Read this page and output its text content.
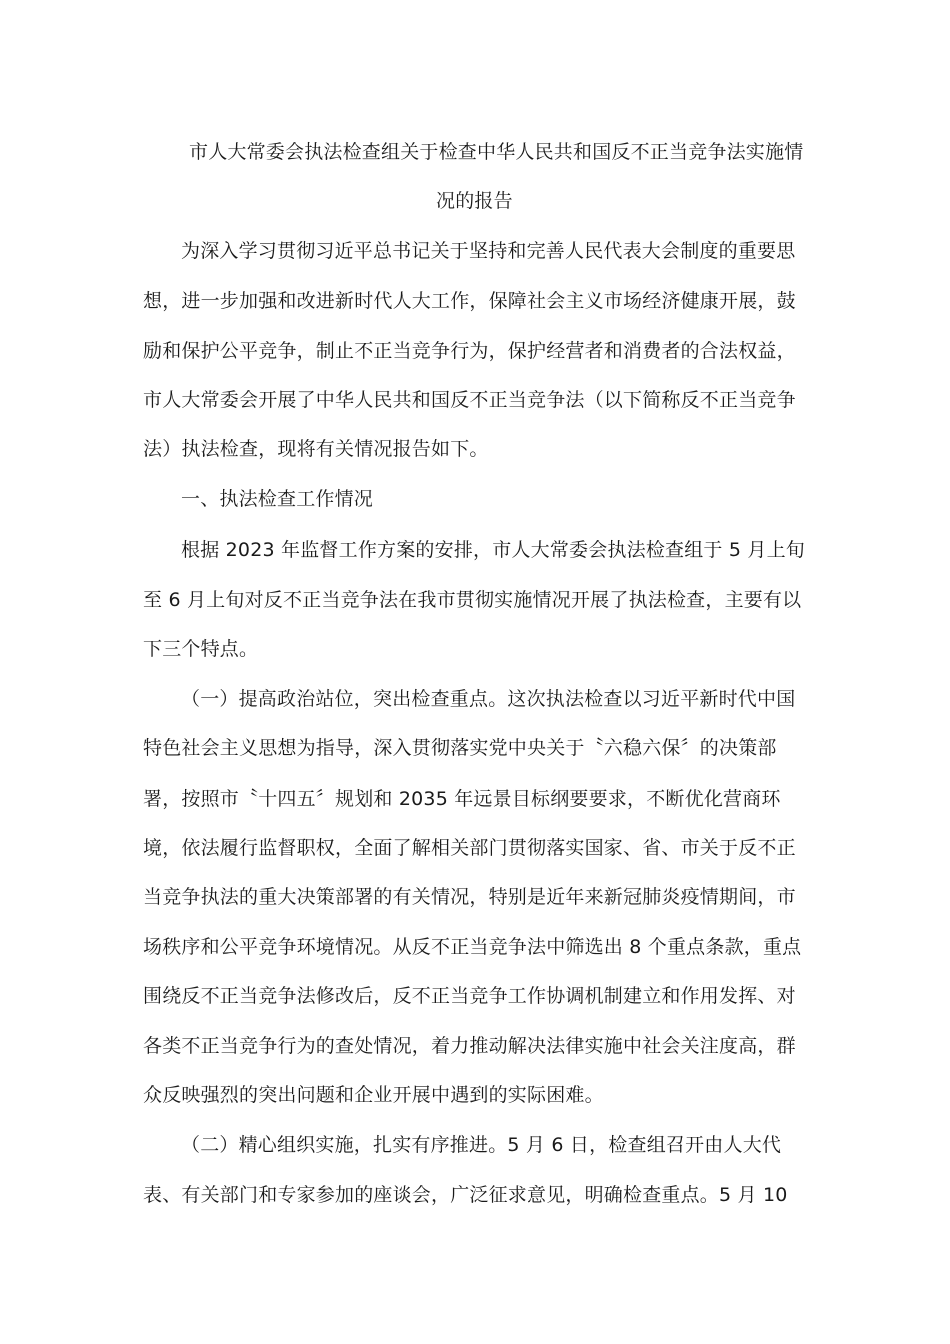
市人大常委会执法检查组关于检查中华人民共和国反不正当竞争法实施情
况的报告
为深入学习贯彻习近平总书记关于坚持和完善人民代表大会制度的重要思
想，进一步加强和改进新时代人大工作，保障社会主义市场经济健康开展，鼓
励和保护公平竞争，制止不正当竞争行为，保护经营者和消费者的合法权益，
市人大常委会开展了中华人民共和国反不正当竞争法（以下简称反不正当竞争
法）执法检查，现将有关情况报告如下。
一、执法检查工作情况
根据 2023 年监督工作方案的安排，市人大常委会执法检查组于 5 月上旬
至 6 月上旬对反不正当竞争法在我市贯彻实施情况开展了执法检查，主要有以
下三个特点。
（一）提高政治站位，突出检查重点。这次执法检查以习近平新时代中国
特色社会主义思想为指导，深入贯彻落实党中央关于〝六稳六保〞的决策部
署，按照市〝十四五〞规划和 2035 年远景目标纲要要求，不断优化营商环
境，依法履行监督职权，全面了解相关部门贯彻落实国家、省、市关于反不正
当竞争执法的重大决策部署的有关情况，特别是近年来新冠肺炎疫情期间，市
场秩序和公平竞争环境情况。从反不正当竞争法中筛选出 8 个重点条款，重点
围绕反不正当竞争法修改后，反不正当竞争工作协调机制建立和作用发挥、对
各类不正当竞争行为的查处情况，着力推动解决法律实施中社会关注度高，群
众反映强烈的突出问题和企业开展中遇到的实际困难。
（二）精心组织实施，扎实有序推进。5 月 6 日，检查组召开由人大代
表、有关部门和专家参加的座谈会，广泛征求意见，明确检查重点。5 月 10
